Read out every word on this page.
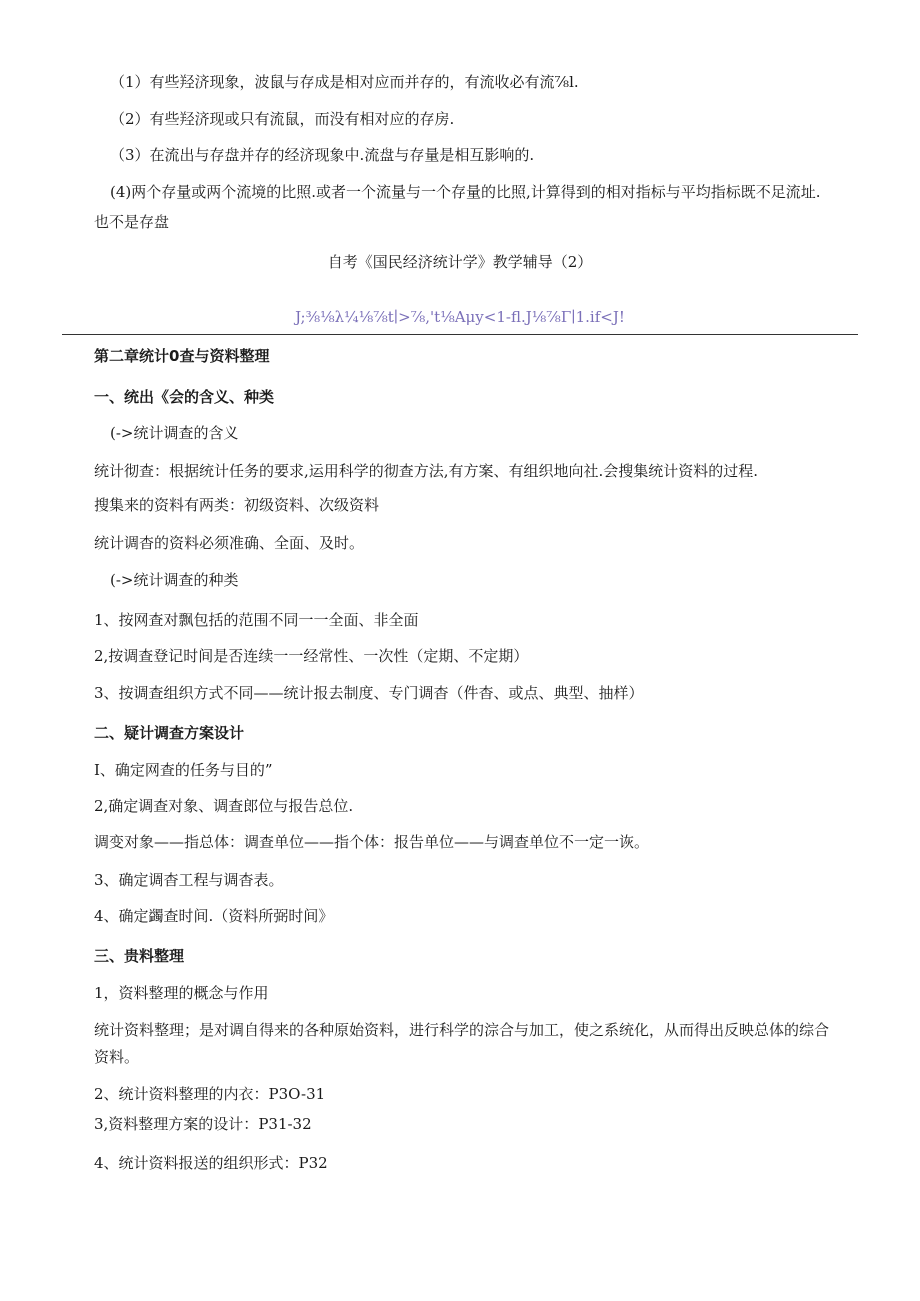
（1）有些羟济现象，波鼠与存成是相对应而并存的，有流收必有流⅞l.
（2）有些羟济现或只有流鼠，而没有相对应的存房.
（3）在流出与存盘并存的经济现象中.流盘与存量是相互影响的.
(4)两个存量或两个流境的比照.或者一个流量与一个存量的比照,计算得到的相对指标与平均指标既不足流址.
也不是存盘
自考《国民经济统计学》教学辅导（2）
J;⅜⅛λ¼⅛⅞t∣>⅞,'t⅛Aμy<1-fl.J⅛⅞Γ∣1.if<J!
第二章统计0查与资料整理
一、统出《会的含义、种类
(->统计调查的含义
统计彻查：根据统计任务的要求,运用科学的彻查方法,有方案、有组织地向社.会搜集统计资料的过程.
搜集来的资料有两类：初级资料、次级资料
统计调杳的资料必须准确、全面、及时。
(->统计调查的种类
1、按网查对飘包括的范围不同一一全面、非全面
2,按调查登记时间是否连续一一经常性、一次性（定期、不定期）
3、按调查组织方式不同——统计报去制度、专门调杳（件杳、或点、典型、抽样）
二、疑计调查方案设计
I、确定网查的任务与目的”
2,确定调查对象、调查郎位与报告总位.
调变对象——指总体：调查单位——指个体：报告单位——与调查单位不一定一诙。
3、确定调杳工程与调杳表。
4、确定蠲查时间.（资料所弼时间》
三、贵料整理
1，资料整理的概念与作用
统计资料整理；是对调自得来的各种原始资料，进行科学的淙合与加工，使之系统化，从而得出反映总体的综合
资料。
2、统计资料整理的内衣：P3O-31
3,资料整理方案的设计：P31-32
4、统计资料报送的组织形式：P32
